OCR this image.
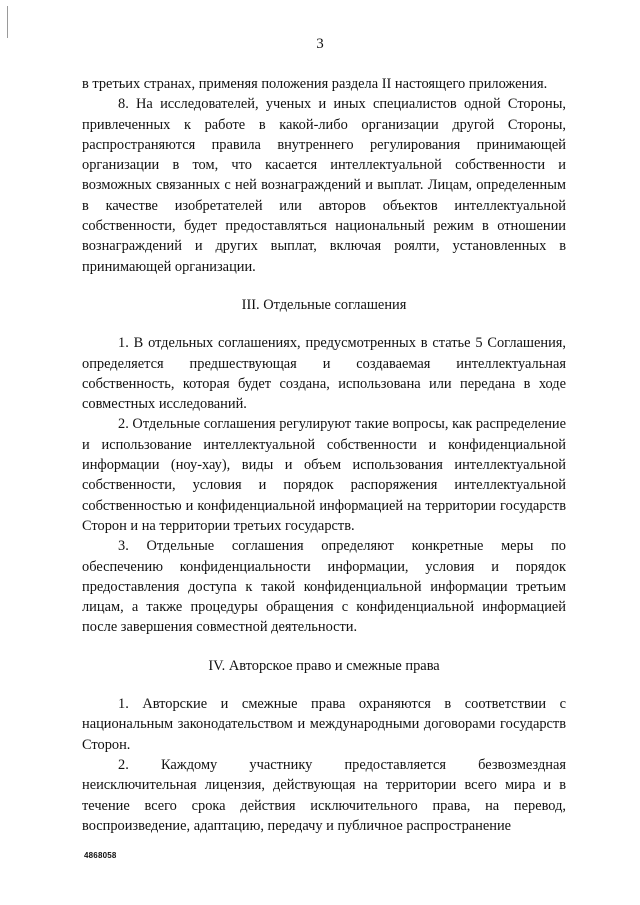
3

в третьих странах, применяя положения раздела II настоящего приложения.

8. На исследователей, ученых и иных специалистов одной Стороны, привлеченных к работе в какой-либо организации другой Стороны, распространяются правила внутреннего регулирования принимающей организации в том, что касается интеллектуальной собственности и возможных связанных с ней вознаграждений и выплат. Лицам, определенным в качестве изобретателей или авторов объектов интеллектуальной собственности, будет предоставляться национальный режим в отношении вознаграждений и других выплат, включая роялти, установленных в принимающей организации.

III. Отдельные соглашения

1. В отдельных соглашениях, предусмотренных в статье 5 Соглашения, определяется предшествующая и создаваемая интеллектуальная собственность, которая будет создана, использована или передана в ходе совместных исследований.

2. Отдельные соглашения регулируют такие вопросы, как распределение и использование интеллектуальной собственности и конфиденциальной информации (ноу-хау), виды и объем использования интеллектуальной собственности, условия и порядок распоряжения интеллектуальной собственностью и конфиденциальной информацией на территории государств Сторон и на территории третьих государств.

3. Отдельные соглашения определяют конкретные меры по обеспечению конфиденциальности информации, условия и порядок предоставления доступа к такой конфиденциальной информации третьим лицам, а также процедуры обращения с конфиденциальной информацией после завершения совместной деятельности.

IV. Авторское право и смежные права

1. Авторские и смежные права охраняются в соответствии с национальным законодательством и международными договорами государств Сторон.

2. Каждому участнику предоставляется безвозмездная неисключительная лицензия, действующая на территории всего мира и в течение всего срока действия исключительного права, на перевод, воспроизведение, адаптацию, передачу и публичное распространение

4868058
